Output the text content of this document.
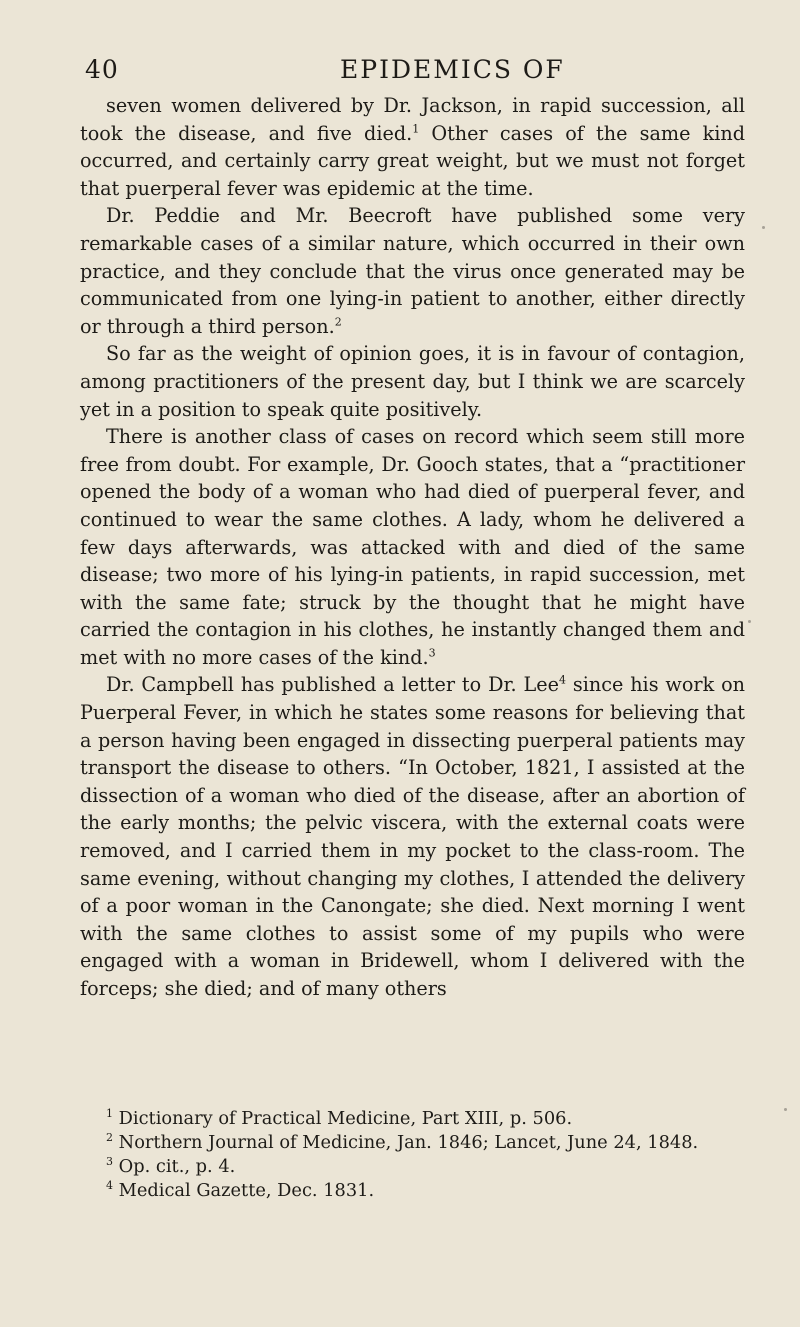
40	EPIDEMICS OF

seven women delivered by Dr. Jackson, in rapid succession, all took the disease, and five died.$^1$ Other cases of the same kind occurred, and certainly carry great weight, but we must not forget that puerperal fever was epidemic at the time.

Dr. Peddie and Mr. Beecroft have published some very remarkable cases of a similar nature, which occurred in their own practice, and they conclude that the virus once generated may be communicated from one lying-in patient to another, either directly or through a third person.$^2$

So far as the weight of opinion goes, it is in favour of contagion, among practitioners of the present day, but I think we are scarcely yet in a position to speak quite positively.

There is another class of cases on record which seem still more free from doubt. For example, Dr. Gooch states, that a “practitioner opened the body of a woman who had died of puerperal fever, and continued to wear the same clothes. A lady, whom he delivered a few days afterwards, was attacked with and died of the same disease; two more of his lying-in patients, in rapid succession, met with the same fate; struck by the thought that he might have carried the contagion in his clothes, he instantly changed them and met with no more cases of the kind.$^3$

Dr. Campbell has published a letter to Dr. Lee$^4$ since his work on Puerperal Fever, in which he states some reasons for believing that a person having been engaged in dissecting puerperal patients may transport the disease to others. “In October, 1821, I assisted at the dissection of a woman who died of the disease, after an abortion of the early months; the pelvic viscera, with the external coats were removed, and I carried them in my pocket to the class-room. The same evening, without changing my clothes, I attended the delivery of a poor woman in the Canongate; she died. Next morning I went with the same clothes to assist some of my pupils who were engaged with a woman in Bridewell, whom I delivered with the forceps; she died; and of many others

$^1$ Dictionary of Practical Medicine, Part XIII, p. 506.

$^2$ Northern Journal of Medicine, Jan. 1846; Lancet, June 24, 1848.

$^3$ Op. cit., p. 4.

$^4$ Medical Gazette, Dec. 1831.
